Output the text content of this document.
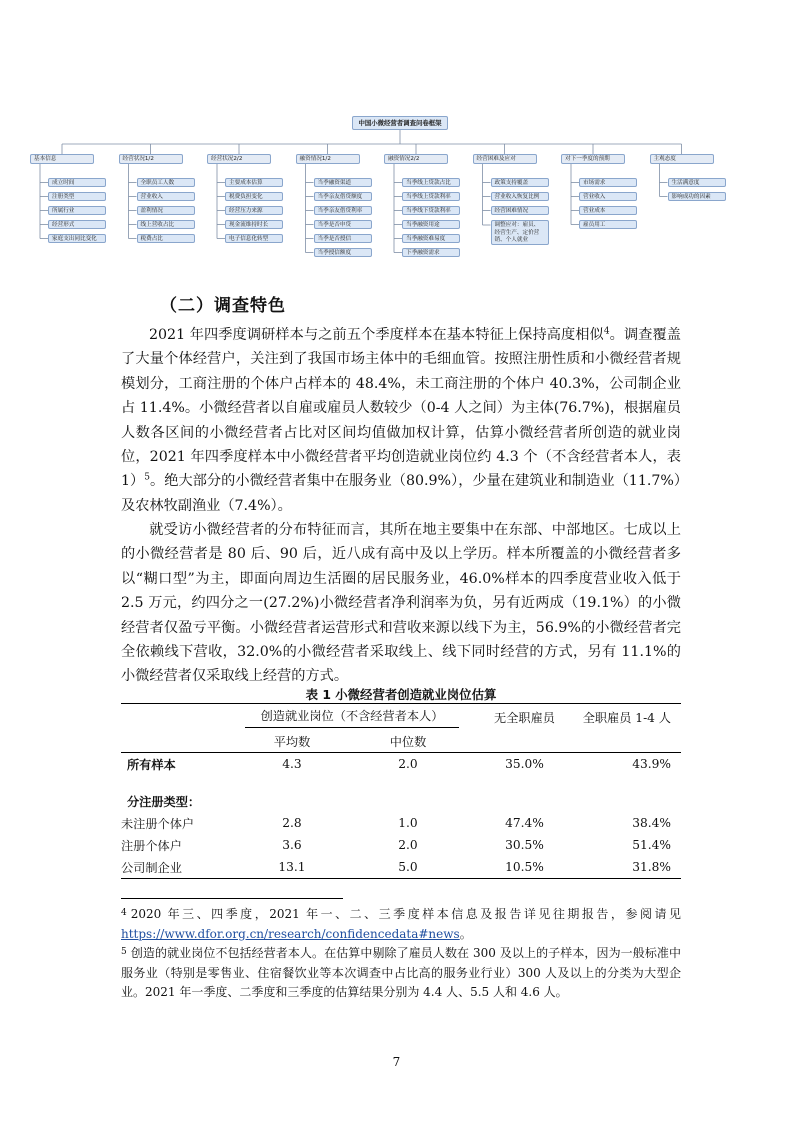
中国小微经营者调查问卷框架
基本信息
成立时间
注册类型
所属行业
经营形式
家庭支出同比变化
经营状况1/2
全职员工人数
营业收入
盈利情况
线上营收占比
税费占比
经营状况2/2
主要成本估算
税费负担变化
经营压力来源
现金流维持时长
电子信息化转型
融资情况1/2
当季融资渠道
当季亲友借贷额度
当季亲友借贷利率
当季是否申贷
当季是否授信
当季授信额度
融资情况2/2
当季线上贷款占比
当季线上贷款利率
当季线下贷款利率
当季融资用途
当季融资难易度
下季融资需求
经营困难及应对
政策支持覆盖
营业收入恢复比例
经营困难情况
调整应对：雇员、经营生产、定价营销、个人就业
对下一季度的预期
市场需求
营业收入
营业成本
雇员用工
主观态度
生活满意度
影响成功的因素
（二）调查特色

2021 年四季度调研样本与之前五个季度样本在基本特征上保持高度相似$^4$。调查覆盖了大量个体经营户，关注到了我国市场主体中的毛细血管。按照注册性质和小微经营者规模划分，工商注册的个体户占样本的 48.4%，未工商注册的个体户 40.3%，公司制企业占 11.4%。小微经营者以自雇或雇员人数较少（0-4 人之间）为主体(76.7%)，根据雇员人数各区间的小微经营者占比对区间均值做加权计算，估算小微经营者所创造的就业岗位，2021 年四季度样本中小微经营者平均创造就业岗位约 4.3 个（不含经营者本人，表 1）$^5$。绝大部分的小微经营者集中在服务业（80.9%），少量在建筑业和制造业（11.7%）及农林牧副渔业（7.4%）。

就受访小微经营者的分布特征而言，其所在地主要集中在东部、中部地区。七成以上的小微经营者是 80 后、90 后，近八成有高中及以上学历。样本所覆盖的小微经营者多以“糊口型”为主，即面向周边生活圈的居民服务业，46.0%样本的四季度营业收入低于 2.5 万元，约四分之一(27.2%)小微经营者净利润率为负，另有近两成（19.1%）的小微经营者仅盈亏平衡。小微经营者运营形式和营收来源以线下为主，56.9%的小微经营者完全依赖线下营收，32.0%的小微经营者采取线上、线下同时经营的方式，另有 11.1%的小微经营者仅采取线上经营的方式。

表 1 小微经营者创造就业岗位估算
	创造就业岗位（不含经营者本人）		无全职雇员	全职雇员 1-4 人
	平均数	中位数		
所有样本	4.3	2.0	35.0%	43.9%

分注册类型：				
未注册个体户	2.8	1.0	47.4%	38.4%
注册个体户	3.6	2.0	30.5%	51.4%
公司制企业	13.1	5.0	10.5%	31.8%

$^4$ 2020 年三、四季度，2021 年一、二、三季度样本信息及报告详见往期报告，参阅请见https://www.dfor.org.cn/research/confidencedata#news。

$^5$ 创造的就业岗位不包括经营者本人。在估算中剔除了雇员人数在 300 及以上的子样本，因为一般标准中服务业（特别是零售业、住宿餐饮业等本次调查中占比高的服务业行业）300 人及以上的分类为大型企业。2021 年一季度、二季度和三季度的估算结果分别为 4.4 人、5.5 人和 4.6 人。

7
